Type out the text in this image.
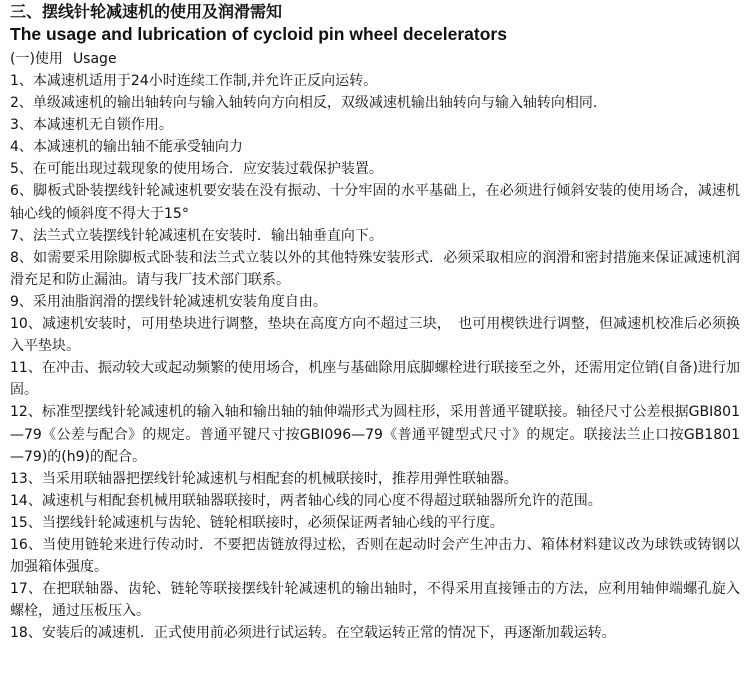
三、摆线针轮减速机的使用及润滑需知
The usage and lubrication of cycloid pin wheel decelerators

(一)使用 Usage

1、本减速机适用于24小时连续工作制,并允许正反向运转。
2、单级减速机的输出轴转向与输入轴转向方向相反，双级减速机输出轴转向与输入轴转向相同.
3、本减速机无自锁作用。
4、本减速机的输出轴不能承受轴向力
5、在可能出现过载现象的使用场合．应安装过载保护装置。
6、脚板式卧装摆线针轮减速机要安装在没有振动、十分牢固的水平基础上，在必须进行倾斜安装的使用场合，减速机轴心线的倾斜度不得大于15°
7、法兰式立装摆线针轮减速机在安装时．输出轴垂直向下。
8、如需要采用除脚板式卧装和法兰式立装以外的其他特殊安装形式．必须采取相应的润滑和密封措施来保证减速机润滑充足和防止漏油。请与我厂技术部门联系。
9、采用油脂润滑的摆线针轮减速机安装角度自由。
10、减速机安装时，可用垫块进行调整，垫块在高度方向不超过三块，　也可用楔铁进行调整，但减速机校准后必须换入平垫块。
11、在冲击、振动较大或起动频繁的使用场合，机座与基础除用底脚螺栓进行联接至之外，还需用定位销(自备)进行加固。
12、标准型摆线针轮减速机的输入轴和输出轴的轴伸端形式为圆柱形，采用普通平键联接。轴径尺寸公差根据GBI801—79《公差与配合》的规定。普通平键尺寸按GBI096—79《普通平键型式尺寸》的规定。联接法兰止口按GB1801—79)的(h9)的配合。
13、当采用联轴器把摆线针轮减速机与相配套的机械联接时，推荐用弹性联轴器。
14、减速机与相配套机械用联轴器联接时，两者轴心线的同心度不得超过联轴器所允许的范围。
15、当摆线针轮减速机与齿轮、链轮相联接时，必须保证两者轴心线的平行度。
16、当使用链轮来进行传动时．不要把齿链放得过松，否则在起动时会产生冲击力、箱体材料建议改为球铁或铸钢以加强箱体强度。
17、在把联轴器、齿轮、链轮等联接摆线针轮减速机的输出轴时，不得采用直接锤击的方法，应利用轴伸端螺孔旋入螺栓，通过压板压入。
18、安装后的减速机．正式使用前必须进行试运转。在空载运转正常的情况下，再逐渐加载运转。
